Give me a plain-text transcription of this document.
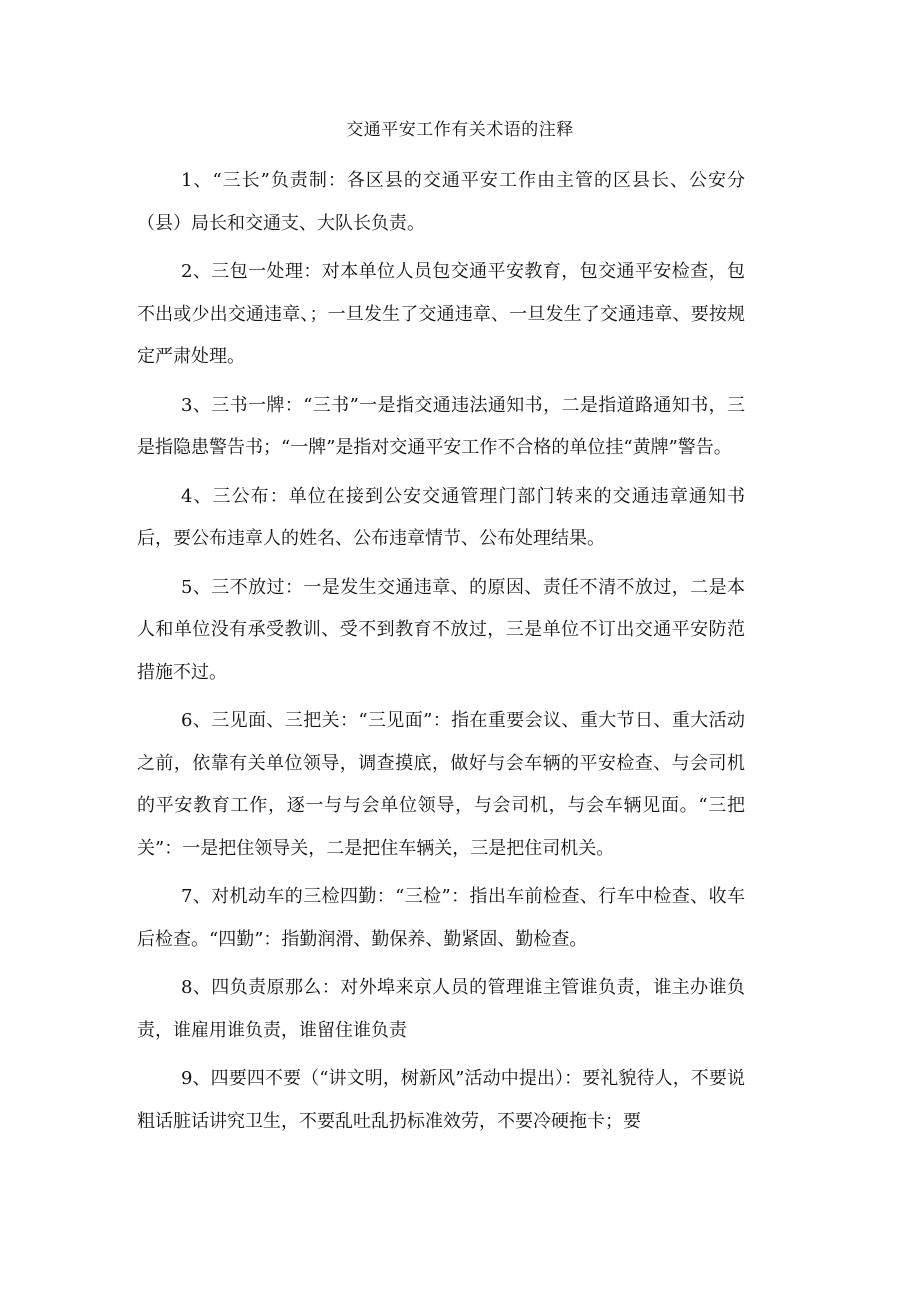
交通平安工作有关术语的注释

1、“三长”负责制：各区县的交通平安工作由主管的区县长、公安分（县）局长和交通支、大队长负责。

2、三包一处理：对本单位人员包交通平安教育，包交通平安检查，包不出或少出交通违章、；一旦发生了交通违章、一旦发生了交通违章、要按规定严肃处理。

3、三书一牌：“三书”一是指交通违法通知书，二是指道路通知书，三是指隐患警告书；“一牌”是指对交通平安工作不合格的单位挂“黄牌”警告。

4、三公布：单位在接到公安交通管理门部门转来的交通违章通知书后，要公布违章人的姓名、公布违章情节、公布处理结果。

5、三不放过：一是发生交通违章、的原因、责任不清不放过，二是本人和单位没有承受教训、受不到教育不放过，三是单位不订出交通平安防范措施不过。

6、三见面、三把关：“三见面”：指在重要会议、重大节日、重大活动之前，依靠有关单位领导，调查摸底，做好与会车辆的平安检查、与会司机的平安教育工作，逐一与与会单位领导，与会司机，与会车辆见面。“三把关”：一是把住领导关，二是把住车辆关，三是把住司机关。

7、对机动车的三检四勤：“三检”：指出车前检查、行车中检查、收车后检查。“四勤”：指勤润滑、勤保养、勤紧固、勤检查。

8、四负责原那么：对外埠来京人员的管理谁主管谁负责，谁主办谁负责，谁雇用谁负责，谁留住谁负责

9、四要四不要（“讲文明，树新风”活动中提出）：要礼貌待人，不要说粗话脏话讲究卫生，不要乱吐乱扔标准效劳，不要冷硬拖卡；要
